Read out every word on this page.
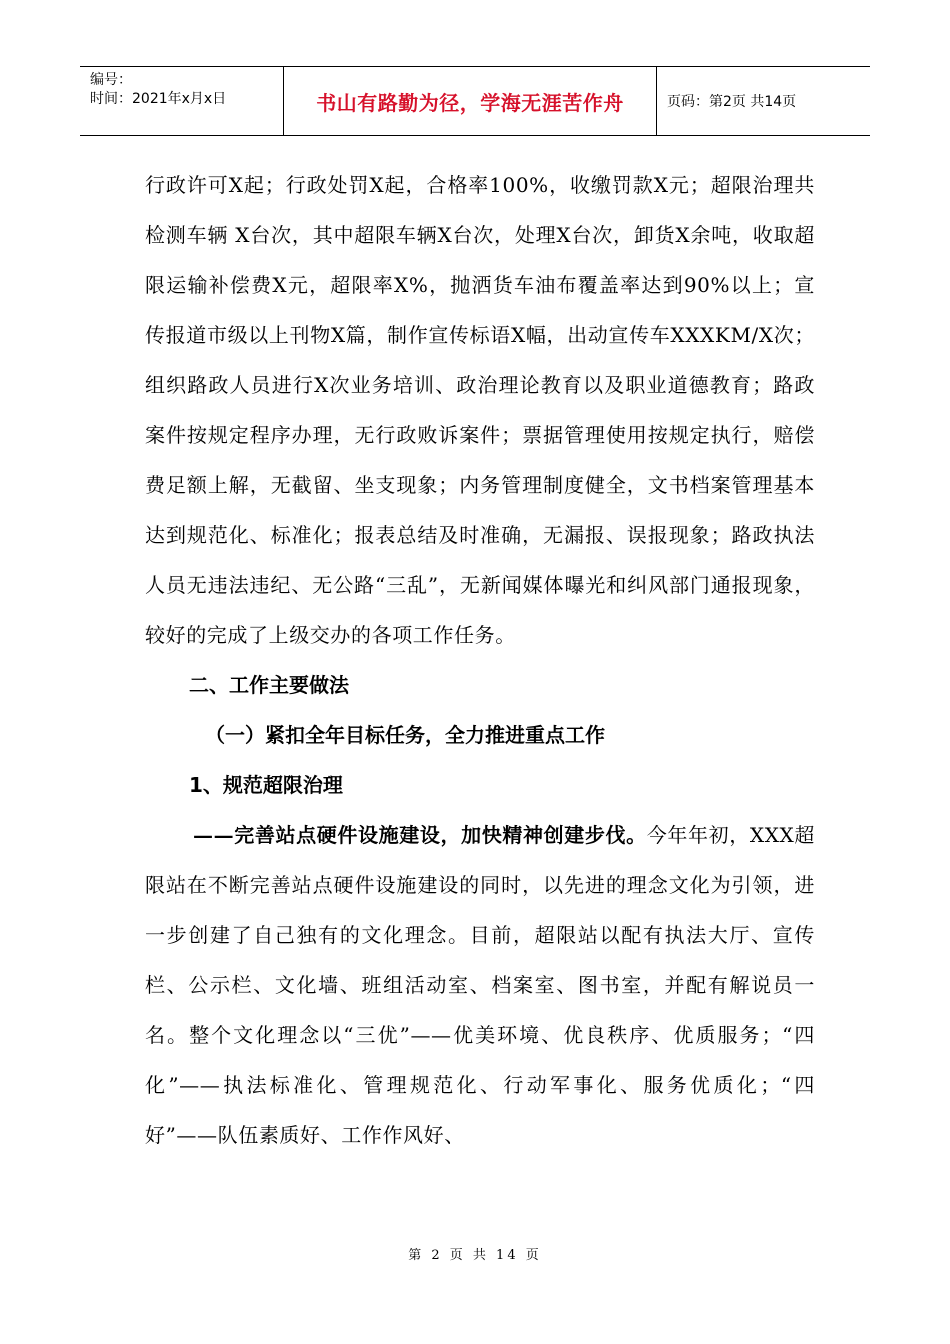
编号：
时间：2021年x月x日	书山有路勤为径，学海无涯苦作舟	页码：第2页 共14页

行政许可X起；行政处罚X起，合格率100%，收缴罚款X元；超限治理共检测车辆 X台次，其中超限车辆X台次，处理X台次，卸货X余吨，收取超限运输补偿费X元，超限率X%，抛洒货车油布覆盖率达到90%以上；宣传报道市级以上刊物X篇，制作宣传标语X幅，出动宣传车XXXKM/X次；组织路政人员进行X次业务培训、政治理论教育以及职业道德教育；路政案件按规定程序办理，无行政败诉案件；票据管理使用按规定执行，赔偿费足额上解，无截留、坐支现象；内务管理制度健全，文书档案管理基本达到规范化、标准化；报表总结及时准确，无漏报、误报现象；路政执法人员无违法违纪、无公路“三乱”，无新闻媒体曝光和纠风部门通报现象，较好的完成了上级交办的各项工作任务。

二、工作主要做法

（一）紧扣全年目标任务，全力推进重点工作

1、规范超限治理

——完善站点硬件设施建设，加快精神创建步伐。今年年初，XXX超限站在不断完善站点硬件设施建设的同时，以先进的理念文化为引领，进一步创建了自己独有的文化理念。目前，超限站以配有执法大厅、宣传栏、公示栏、文化墙、班组活动室、档案室、图书室，并配有解说员一名。整个文化理念以“三优”——优美环境、优良秩序、优质服务；“四化”——执法标准化、管理规范化、行动军事化、服务优质化；“四好”——队伍素质好、工作作风好、

第 2 页 共 14 页
